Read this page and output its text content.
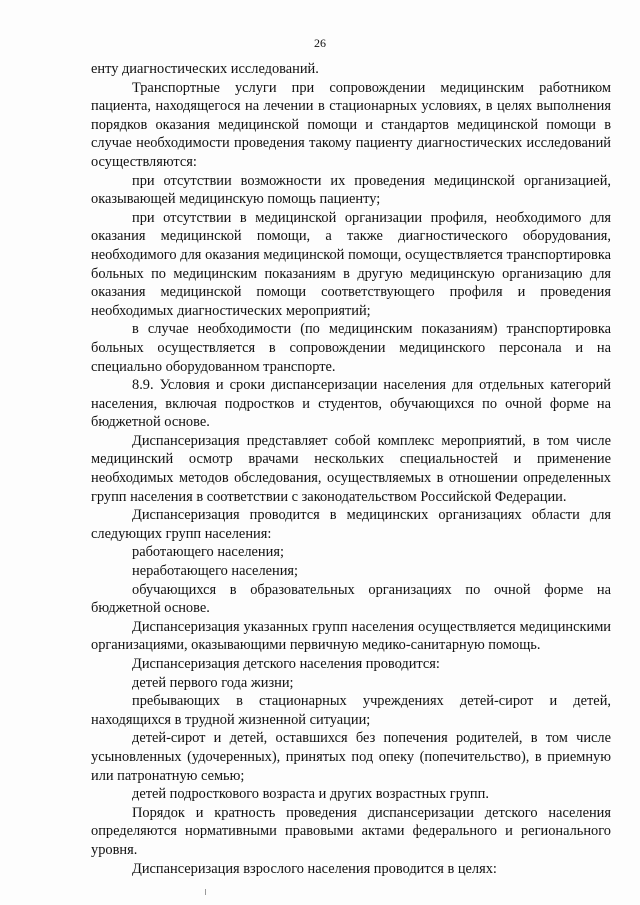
26

енту диагностических исследований.

Транспортные услуги при сопровождении медицинским работником пациента, находящегося на лечении в стационарных условиях, в целях выполнения порядков оказания медицинской помощи и стандартов медицинской помощи в случае необходимости проведения такому пациенту диагностических исследований осуществляются:

при отсутствии возможности их проведения медицинской организацией, оказывающей медицинскую помощь пациенту;

при отсутствии в медицинской организации профиля, необходимого для оказания медицинской помощи, а также диагностического оборудования, необходимого для оказания медицинской помощи, осуществляется транспортировка больных по медицинским показаниям в другую медицинскую организацию для оказания медицинской помощи соответствующего профиля и проведения необходимых диагностических мероприятий;

в случае необходимости (по медицинским показаниям) транспортировка больных осуществляется в сопровождении медицинского персонала и на специально оборудованном транспорте.

8.9. Условия и сроки диспансеризации населения для отдельных категорий населения, включая подростков и студентов, обучающихся по очной форме на бюджетной основе.

Диспансеризация представляет собой комплекс мероприятий, в том числе медицинский осмотр врачами нескольких специальностей и применение необходимых методов обследования, осуществляемых в отношении определенных групп населения в соответствии с законодательством Российской Федерации.

Диспансеризация проводится в медицинских организациях области для следующих групп населения:

работающего населения;

неработающего населения;

обучающихся в образовательных организациях по очной форме на бюджетной основе.

Диспансеризация указанных групп населения осуществляется медицинскими организациями, оказывающими первичную медико-санитарную помощь.

Диспансеризация детского населения проводится:

детей первого года жизни;

пребывающих в стационарных учреждениях детей-сирот и детей, находящихся в трудной жизненной ситуации;

детей-сирот и детей, оставшихся без попечения родителей, в том числе усыновленных (удочеренных), принятых под опеку (попечительство), в приемную или патронатную семью;

детей подросткового возраста и других возрастных групп.

Порядок и кратность проведения диспансеризации детского населения определяются нормативными правовыми актами федерального и регионального уровня.

Диспансеризация взрослого населения проводится в целях:
